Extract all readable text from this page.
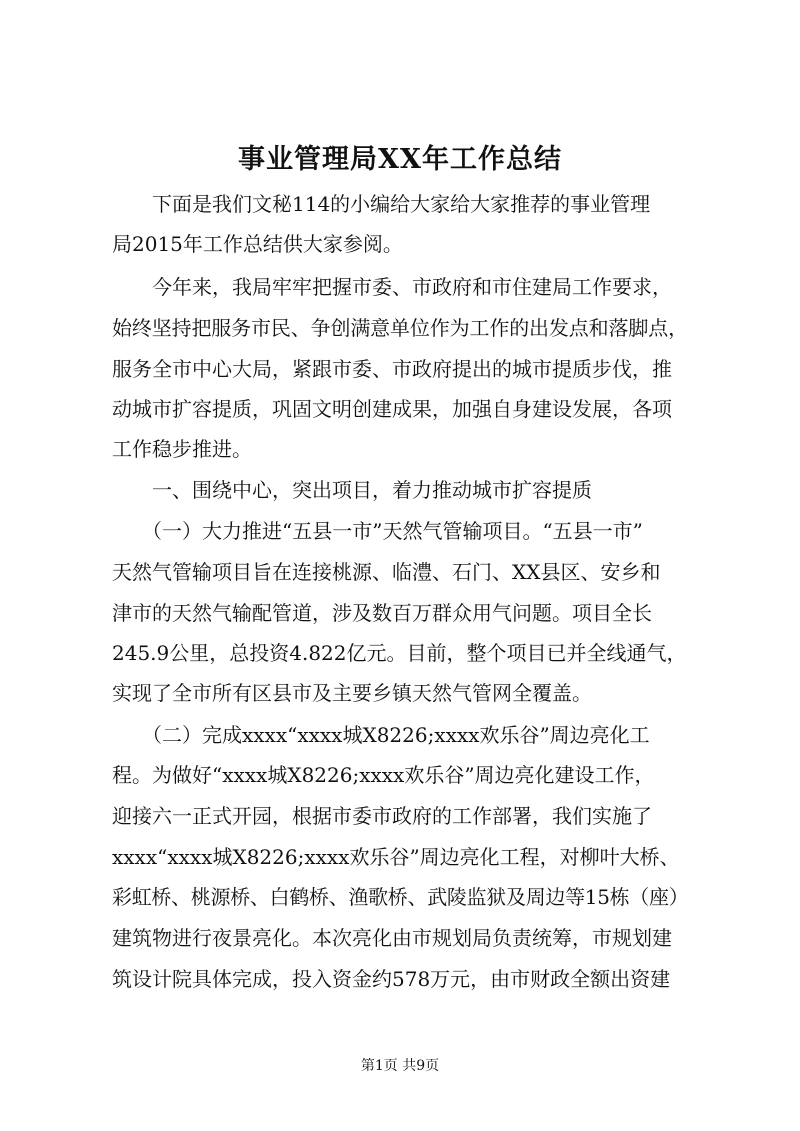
事业管理局XX年工作总结

　　下面是我们文秘114的小编给大家给大家推荐的事业管理

局2015年工作总结供大家参阅。

　　今年来，我局牢牢把握市委、市政府和市住建局工作要求，

始终坚持把服务市民、争创满意单位作为工作的出发点和落脚点，

服务全市中心大局，紧跟市委、市政府提出的城市提质步伐，推

动城市扩容提质，巩固文明创建成果，加强自身建设发展，各项

工作稳步推进。

　　一、围绕中心，突出项目，着力推动城市扩容提质

　　（一）大力推进“五县一市”天然气管输项目。“五县一市”

天然气管输项目旨在连接桃源、临澧、石门、XX县区、安乡和

津市的天然气输配管道，涉及数百万群众用气问题。项目全长

245.9公里，总投资4.822亿元。目前，整个项目已并全线通气，

实现了全市所有区县市及主要乡镇天然气管网全覆盖。

　　（二）完成xxxx“xxxx城X8226;xxxx欢乐谷”周边亮化工

程。为做好“xxxx城X8226;xxxx欢乐谷”周边亮化建设工作，

迎接六一正式开园，根据市委市政府的工作部署，我们实施了

xxxx“xxxx城X8226;xxxx欢乐谷”周边亮化工程，对柳叶大桥、

彩虹桥、桃源桥、白鹤桥、渔歌桥、武陵监狱及周边等15栋（座）

建筑物进行夜景亮化。本次亮化由市规划局负责统筹，市规划建

筑设计院具体完成，投入资金约578万元，由市财政全额出资建

第1页 共9页
